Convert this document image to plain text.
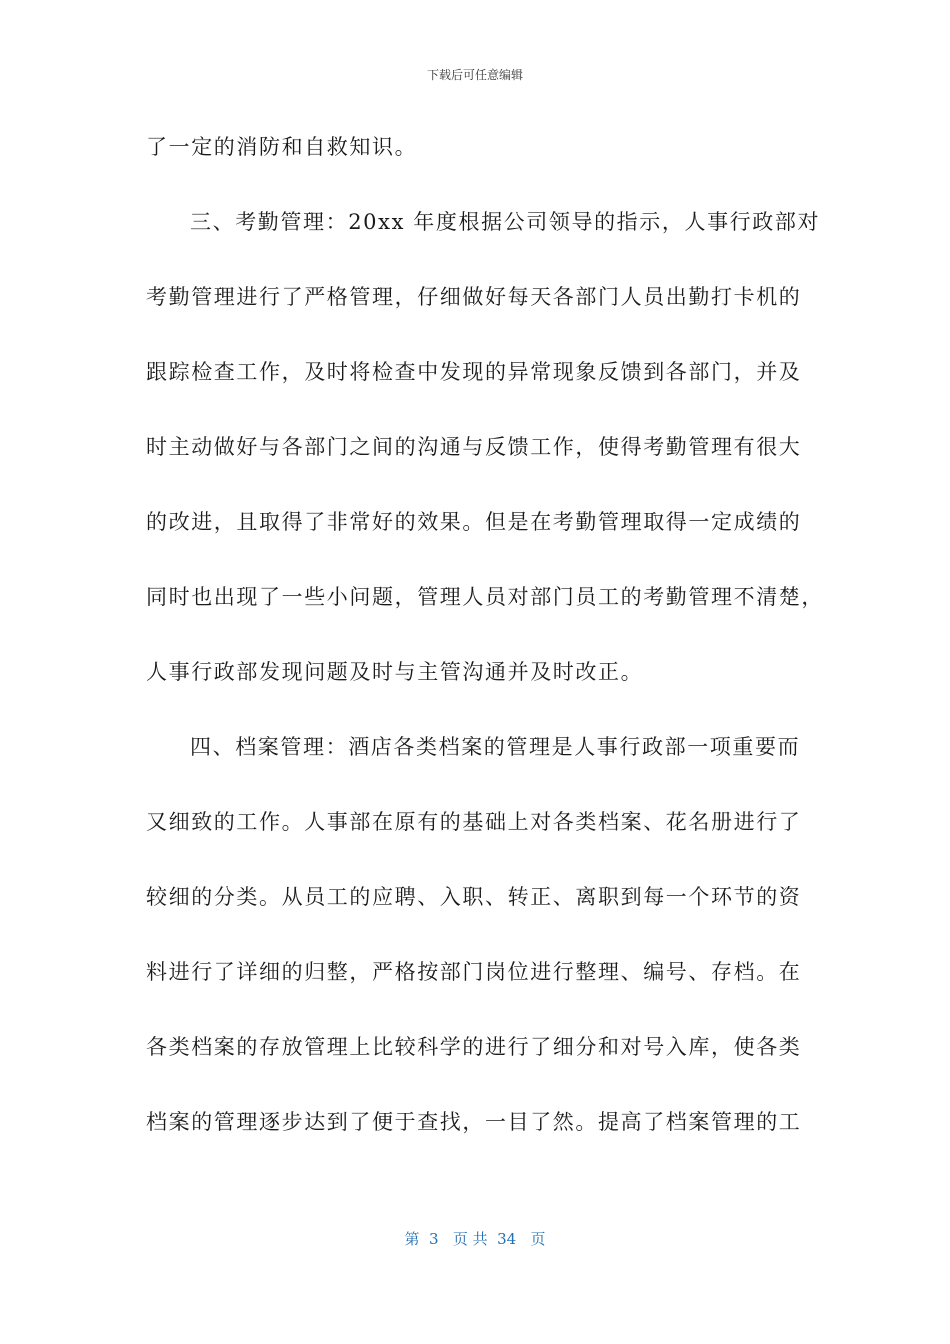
下载后可任意编辑
了一定的消防和自救知识。
三、考勤管理：20xx 年度根据公司领导的指示，人事行政部对
考勤管理进行了严格管理，仔细做好每天各部门人员出勤打卡机的
跟踪检查工作，及时将检查中发现的异常现象反馈到各部门，并及
时主动做好与各部门之间的沟通与反馈工作，使得考勤管理有很大
的改进，且取得了非常好的效果。但是在考勤管理取得一定成绩的
同时也出现了一些小问题，管理人员对部门员工的考勤管理不清楚，
人事行政部发现问题及时与主管沟通并及时改正。
四、档案管理：酒店各类档案的管理是人事行政部一项重要而
又细致的工作。人事部在原有的基础上对各类档案、花名册进行了
较细的分类。从员工的应聘、入职、转正、离职到每一个环节的资
料进行了详细的归整，严格按部门岗位进行整理、编号、存档。在
各类档案的存放管理上比较科学的进行了细分和对号入库，使各类
档案的管理逐步达到了便于查找，一目了然。提高了档案管理的工
第  3   页 共  34   页
